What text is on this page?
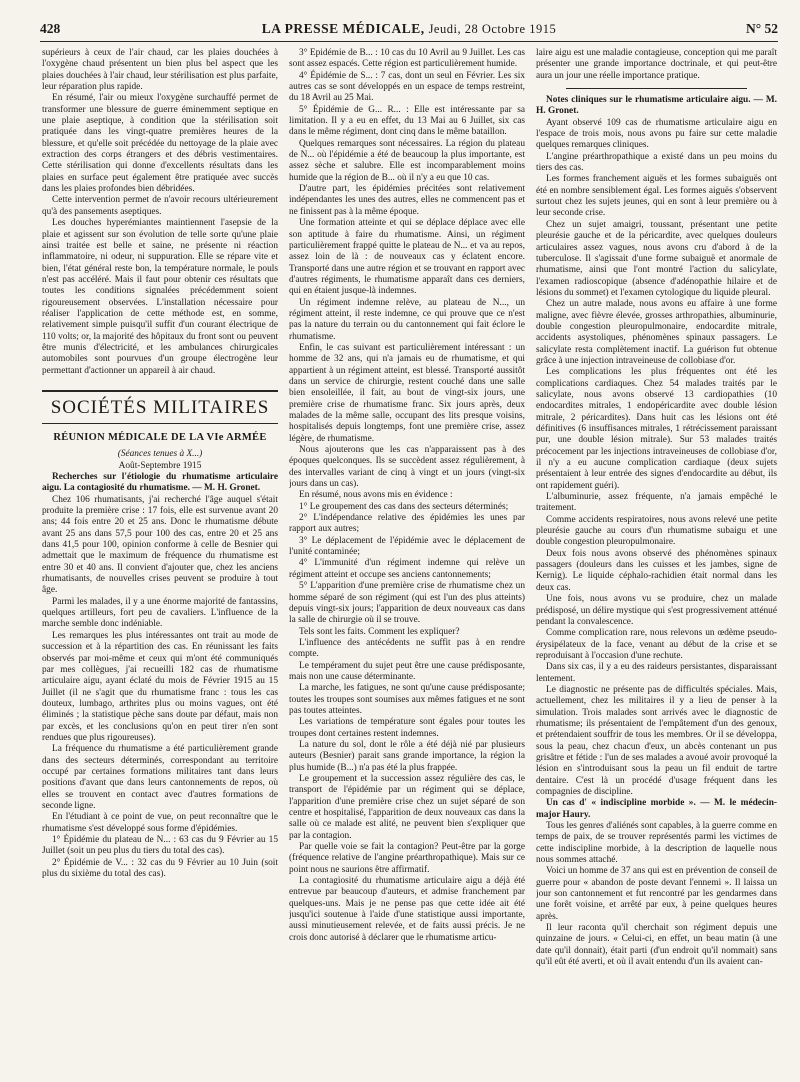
428	LA PRESSE MÉDICALE, Jeudi, 28 Octobre 1915	N° 52

supérieurs à ceux de l'air chaud, car les plaies douchées à l'oxygène chaud présentent un bien plus bel aspect que les plaies douchées à l'air chaud, leur stérilisation est plus parfaite, leur réparation plus rapide.

En résumé, l'air ou mieux l'oxygène surchauffé permet de transformer une blessure de guerre éminemment septique en une plaie aseptique, à condition que la stérilisation soit pratiquée dans les vingt-quatre premières heures de la blessure, et qu'elle soit précédée du nettoyage de la plaie avec extraction des corps étrangers et des débris vestimentaires. Cette stérilisation qui donne d'excellents résultats dans les plaies en surface peut également être pratiquée avec succès dans les plaies profondes bien débridées.

Cette intervention permet de n'avoir recours ultérieurement qu'à des pansements aseptiques.

Les douches hyperémiantes maintiennent l'asepsie de la plaie et agissent sur son évolution de telle sorte qu'une plaie ainsi traitée est belle et saine, ne présente ni réaction inflammatoire, ni odeur, ni suppuration. Elle se répare vite et bien, l'état général reste bon, la température normale, le pouls n'est pas accéléré. Mais il faut pour obtenir ces résultats que toutes les conditions signalées précédemment soient rigoureusement observées. L'installation nécessaire pour réaliser l'application de cette méthode est, en somme, relativement simple puisqu'il suffit d'un courant électrique de 110 volts; or, la majorité des hôpitaux du front sont ou peuvent être munis d'électricité, et les ambulances chirurgicales automobiles sont pourvues d'un groupe électrogène leur permettant d'actionner un appareil à air chaud.

SOCIÉTÉS MILITAIRES
RÉUNION MÉDICALE DE LA VIe ARMÉE

(Séances tenues à X...)

Août-Septembre 1915

Recherches sur l'étiologie du rhumatisme articulaire aigu. La contagiosité du rhumatisme. — M. H. Gronet.

Chez 106 rhumatisants, j'ai recherché l'âge auquel s'était produite la première crise : 17 fois, elle est survenue avant 20 ans; 44 fois entre 20 et 25 ans. Donc le rhumatisme débute avant 25 ans dans 57,5 pour 100 des cas, entre 20 et 25 ans dans 41,5 pour 100, opinion conforme à celle de Besnier qui admettait que le maximum de fréquence du rhumatisme est entre 30 et 40 ans. Il convient d'ajouter que, chez les anciens rhumatisants, de nouvelles crises peuvent se produire à tout âge.

Parmi les malades, il y a une énorme majorité de fantassins, quelques artilleurs, fort peu de cavaliers. L'influence de la marche semble donc indéniable.

Les remarques les plus intéressantes ont trait au mode de succession et à la répartition des cas. En réunissant les faits observés par moi-même et ceux qui m'ont été communiqués par mes collègues, j'ai recueilli 182 cas de rhumatisme articulaire aigu, ayant éclaté du mois de Février 1915 au 15 Juillet (il ne s'agit que du rhumatisme franc : tous les cas douteux, lumbago, arthrites plus ou moins vagues, ont été éliminés ; la statistique pèche sans doute par défaut, mais non par excès, et les conclusions qu'on en peut tirer n'en sont rendues que plus rigoureuses).

La fréquence du rhumatisme a été particulièrement grande dans des secteurs déterminés, correspondant au territoire occupé par certaines formations militaires tant dans leurs positions d'avant que dans leurs cantonnements de repos, où elles se trouvent en contact avec d'autres formations de seconde ligne.

En l'étudiant à ce point de vue, on peut reconnaître que le rhumatisme s'est développé sous forme d'épidémies.

1° Épidémie du plateau de N... : 63 cas du 9 Février au 15 Juillet (soit un peu plus du tiers du total des cas).

2° Épidémie de V... : 32 cas du 9 Février au 10 Juin (soit plus du sixième du total des cas).

3° Épidémie de B... : 10 cas du 10 Avril au 9 Juillet. Les cas sont assez espacés. Cette région est particulièrement humide.

4° Épidémie de S... : 7 cas, dont un seul en Février. Les six autres cas se sont développés en un espace de temps restreint, du 18 Avril au 25 Mai.

5° Épidémie de G... R... : Elle est intéressante par sa limitation. Il y a eu en effet, du 13 Mai au 6 Juillet, six cas dans le même régiment, dont cinq dans le même bataillon.

Quelques remarques sont nécessaires. La région du plateau de N... où l'épidémie a été de beaucoup la plus importante, est assez sèche et salubre. Elle est incomparablement moins humide que la région de B... où il n'y a eu que 10 cas.

D'autre part, les épidémies précitées sont relativement indépendantes les unes des autres, elles ne commencent pas et ne finissent pas à la même époque.

Une formation atteinte et qui se déplace déplace avec elle son aptitude à faire du rhumatisme. Ainsi, un régiment particulièrement frappé quitte le plateau de N... et va au repos, assez loin de là : de nouveaux cas y éclatent encore. Transporté dans une autre région et se trouvant en rapport avec d'autres régiments, le rhumatisme apparaît dans ces derniers, qui en étaient jusque-là indemnes.

Un régiment indemne relève, au plateau de N..., un régiment atteint, il reste indemne, ce qui prouve que ce n'est pas la nature du terrain ou du cantonnement qui fait éclore le rhumatisme.

Enfin, le cas suivant est particulièrement intéressant : un homme de 32 ans, qui n'a jamais eu de rhumatisme, et qui appartient à un régiment atteint, est blessé. Transporté aussitôt dans un service de chirurgie, restent couché dans une salle bien ensoleillée, il fait, au bout de vingt-six jours, une première crise de rhumatisme franc. Six jours après, deux malades de la même salle, occupant des lits presque voisins, hospitalisés depuis longtemps, font une première crise, assez légère, de rhumatisme.

Nous ajouterons que les cas n'apparaissent pas à des époques quelconques. Ils se succèdent assez régulièrement, à des intervalles variant de cinq à vingt et un jours (vingt-six jours dans un cas).

En résumé, nous avons mis en évidence :

1° Le groupement des cas dans des secteurs déterminés;

2° L'indépendance relative des épidémies les unes par rapport aux autres;

3° Le déplacement de l'épidémie avec le déplacement de l'unité contaminée;

4° L'immunité d'un régiment indemne qui relève un régiment atteint et occupe ses anciens cantonnements;

5° L'apparition d'une première crise de rhumatisme chez un homme séparé de son régiment (qui est l'un des plus atteints) depuis vingt-six jours; l'apparition de deux nouveaux cas dans la salle de chirurgie où il se trouve.

Tels sont les faits. Comment les expliquer?

L'influence des antécédents ne suffit pas à en rendre compte.

Le tempérament du sujet peut être une cause prédisposante, mais non une cause déterminante.

La marche, les fatigues, ne sont qu'une cause prédisposante; toutes les troupes sont soumises aux mêmes fatigues et ne sont pas toutes atteintes.

Les variations de température sont égales pour toutes les troupes dont certaines restent indemnes.

La nature du sol, dont le rôle a été déjà nié par plusieurs auteurs (Besnier) parait sans grande importance, la région la plus humide (B...) n'a pas été la plus frappée.

Le groupement et la succession assez régulière des cas, le transport de l'épidémie par un régiment qui se déplace, l'apparition d'une première crise chez un sujet séparé de son centre et hospitalisé, l'apparition de deux nouveaux cas dans la salle où ce malade est alité, ne peuvent bien s'expliquer que par la contagion.

Par quelle voie se fait la contagion? Peut-être par la gorge (fréquence relative de l'angine préarthropathique). Mais sur ce point nous ne saurions être affirmatif.

La contagiosité du rhumatisme articulaire aigu a déjà été entrevue par beaucoup d'auteurs, et admise franchement par quelques-uns. Mais je ne pense pas que cette idée ait été jusqu'ici soutenue à l'aide d'une statistique aussi importante, aussi minutieusement relevée, et de faits aussi précis. Je ne crois donc autorisé à déclarer que le rhumatisme articu-

laire aigu est une maladie contagieuse, conception qui me paraît présenter une grande importance doctrinale, et qui peut-être aura un jour une réelle importance pratique.

Notes cliniques sur le rhumatisme articulaire aigu. — M. H. Gronet.

Ayant observé 109 cas de rhumatisme articulaire aigu en l'espace de trois mois, nous avons pu faire sur cette maladie quelques remarques cliniques.

L'angine préarthropathique a existé dans un peu moins du tiers des cas.

Les formes franchement aiguës et les formes subaiguës ont été en nombre sensiblement égal. Les formes aiguës s'observent surtout chez les sujets jeunes, qui en sont à leur première ou à leur seconde crise.

Chez un sujet amaigri, toussant, présentant une petite pleurésie gauche et de la péricardite, avec quelques douleurs articulaires assez vagues, nous avons cru d'abord à de la tuberculose. Il s'agissait d'une forme subaiguë et anormale de rhumatisme, ainsi que l'ont montré l'action du salicylate, l'examen radioscopique (absence d'adénopathie hilaire et de lésions du sommet) et l'examen cytologique du liquide pleural.

Chez un autre malade, nous avons eu affaire à une forme maligne, avec fièvre élevée, grosses arthropathies, albuminurie, double congestion pleuropulmonaire, endocardite mitrale, accidents asystoliques, phénomènes spinaux passagers. Le salicylate resta complètement inactif. La guérison fut obtenue grâce à une injection intraveineuse de collobiase d'or.

Les complications les plus fréquentes ont été les complications cardiaques. Chez 54 malades traités par le salicylate, nous avons observé 13 cardiopathies (10 endocardites mitrales, 1 endopéricardite avec double lésion mitrale, 2 péricardites). Dans huit cas les lésions ont été définitives (6 insuffisances mitrales, 1 rétrécissement paraissant pur, une double lésion mitrale). Sur 53 malades traités précocement par les injections intraveineuses de collobiase d'or, il n'y a eu aucune complication cardiaque (deux sujets présentaient à leur entrée des signes d'endocardite au début, ils ont rapidement guéri).

L'albuminurie, assez fréquente, n'a jamais empêché le traitement.

Comme accidents respiratoires, nous avons relevé une petite pleurésie gauche au cours d'un rhumatisme subaigu et une double congestion pleuropulmonaire.

Deux fois nous avons observé des phénomènes spinaux passagers (douleurs dans les cuisses et les jambes, signe de Kernig). Le liquide céphalo-rachidien était normal dans les deux cas.

Une fois, nous avons vu se produire, chez un malade prédisposé, un délire mystique qui s'est progressivement atténué pendant la convalescence.

Comme complication rare, nous relevons un œdème pseudo-érysipélateux de la face, venant au début de la crise et se reproduisant à l'occasion d'une rechute.

Dans six cas, il y a eu des raideurs persistantes, disparaissant lentement.

Le diagnostic ne présente pas de difficultés spéciales. Mais, actuellement, chez les militaires il y a lieu de penser à la simulation. Trois malades sont arrivés avec le diagnostic de rhumatisme; ils présentaient de l'empâtement d'un des genoux, et prétendaient souffrir de tous les membres. Or il se développa, sous la peau, chez chacun d'eux, un abcès contenant un pus grisâtre et fétide : l'un de ses malades a avoué avoir provoqué la lésion en s'introduisant sous la peau un fil enduit de tartre dentaire. C'est là un procédé d'usage fréquent dans les compagnies de discipline.

Un cas d' « indiscipline morbide ». — M. le médecin-major Haury.

Tous les genres d'aliénés sont capables, à la guerre comme en temps de paix, de se trouver représentés parmi les victimes de cette indiscipline morbide, à la description de laquelle nous nous sommes attaché.

Voici un homme de 37 ans qui est en prévention de conseil de guerre pour « abandon de poste devant l'ennemi ». Il laissa un jour son cantonnement et fut rencontré par les gendarmes dans une forêt voisine, et arrêté par eux, à peine quelques heures après.

Il leur raconta qu'il cherchait son régiment depuis une quinzaine de jours. « Celui-ci, en effet, un beau matin (à une date qu'il donnait), était parti (d'un endroit qu'il nommait) sans qu'il eût été averti, et où il avait entendu d'un ils avaient can-
